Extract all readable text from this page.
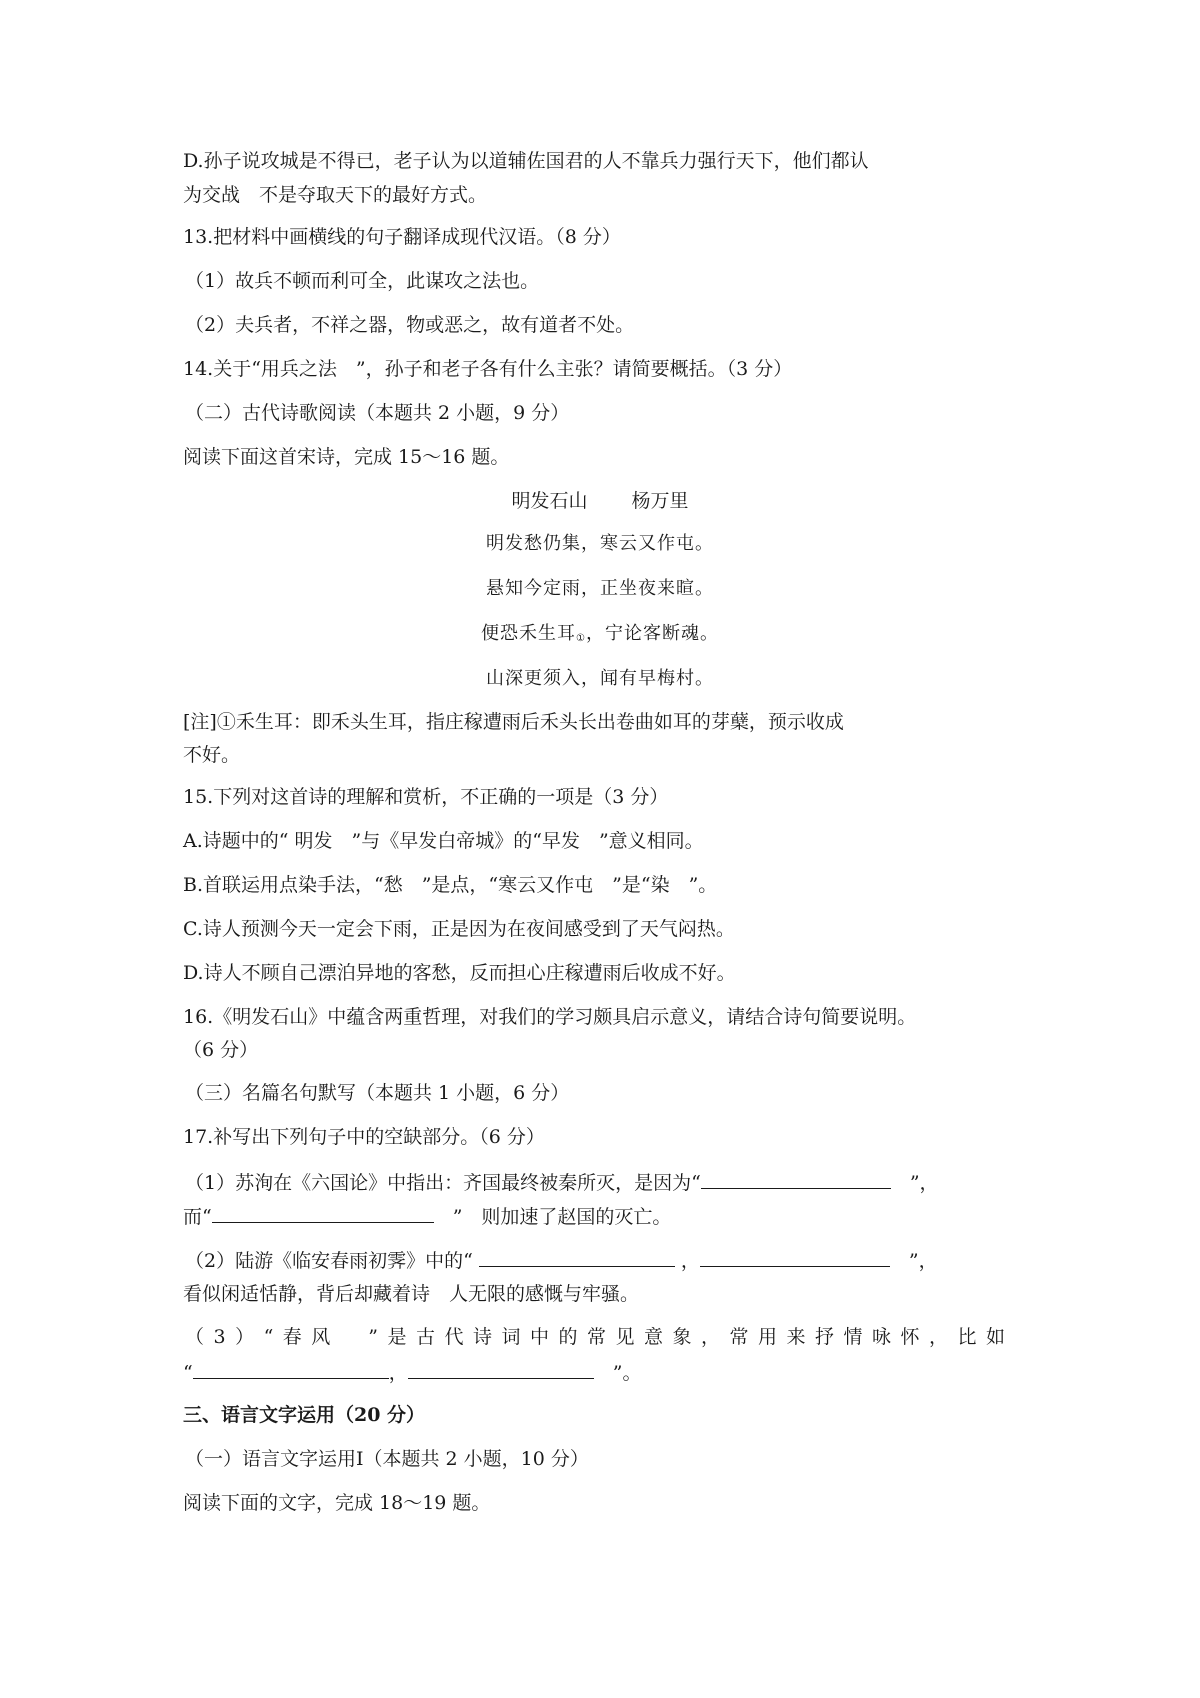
D.孙子说攻城是不得已，老子认为以道辅佐国君的人不靠兵力强行天下，他们都认
为交战　不是夺取天下的最好方式。
13.把材料中画横线的句子翻译成现代汉语。（8 分）
（1）故兵不顿而利可全，此谋攻之法也。
（2）夫兵者，不祥之器，物或恶之，故有道者不处。
14.关于“用兵之法　”，孙子和老子各有什么主张？请简要概括。（3 分）
（二）古代诗歌阅读（本题共 2 小题，9 分）
阅读下面这首宋诗，完成 15～16 题。
明发石山 杨万里
明发愁仍集，寒云又作屯。
悬知今定雨，正坐夜来暄。
便恐禾生耳$_①$，宁论客断魂。
山深更须入，闻有早梅村。
[注]①禾生耳：即禾头生耳，指庄稼遭雨后禾头长出卷曲如耳的芽蘖，预示收成
不好。
15.下列对这首诗的理解和赏析，不正确的一项是（3 分）
A.诗题中的“ 明发　”与《早发白帝城》的“早发　”意义相同。
B.首联运用点染手法，“愁　”是点，“寒云又作屯　”是“染　”。
C.诗人预测今天一定会下雨，正是因为在夜间感受到了天气闷热。
D.诗人不顾自己漂泊异地的客愁，反而担心庄稼遭雨后收成不好。
16.《明发石山》中蕴含两重哲理，对我们的学习颇具启示意义，请结合诗句简要说明。
（6 分）
（三）名篇名句默写（本题共 1 小题，6 分）
17.补写出下列句子中的空缺部分。（6 分）
（1）苏洵在《六国论》中指出：齐国最终被秦所灭，是因为“	　”，
而“	　”　则加速了赵国的灭亡。
（2）陆游《临安春雨初霁》中的“	，	　”，
看似闲适恬静，背后却藏着诗　人无限的感慨与牢骚。
（3）“春风　”是古代诗词中的常见意象，常用来抒情咏怀，比如
“	，	　”。
三、语言文字运用（20 分）
（一）语言文字运用Ⅰ（本题共 2 小题，10 分）
阅读下面的文字，完成 18～19 题。
